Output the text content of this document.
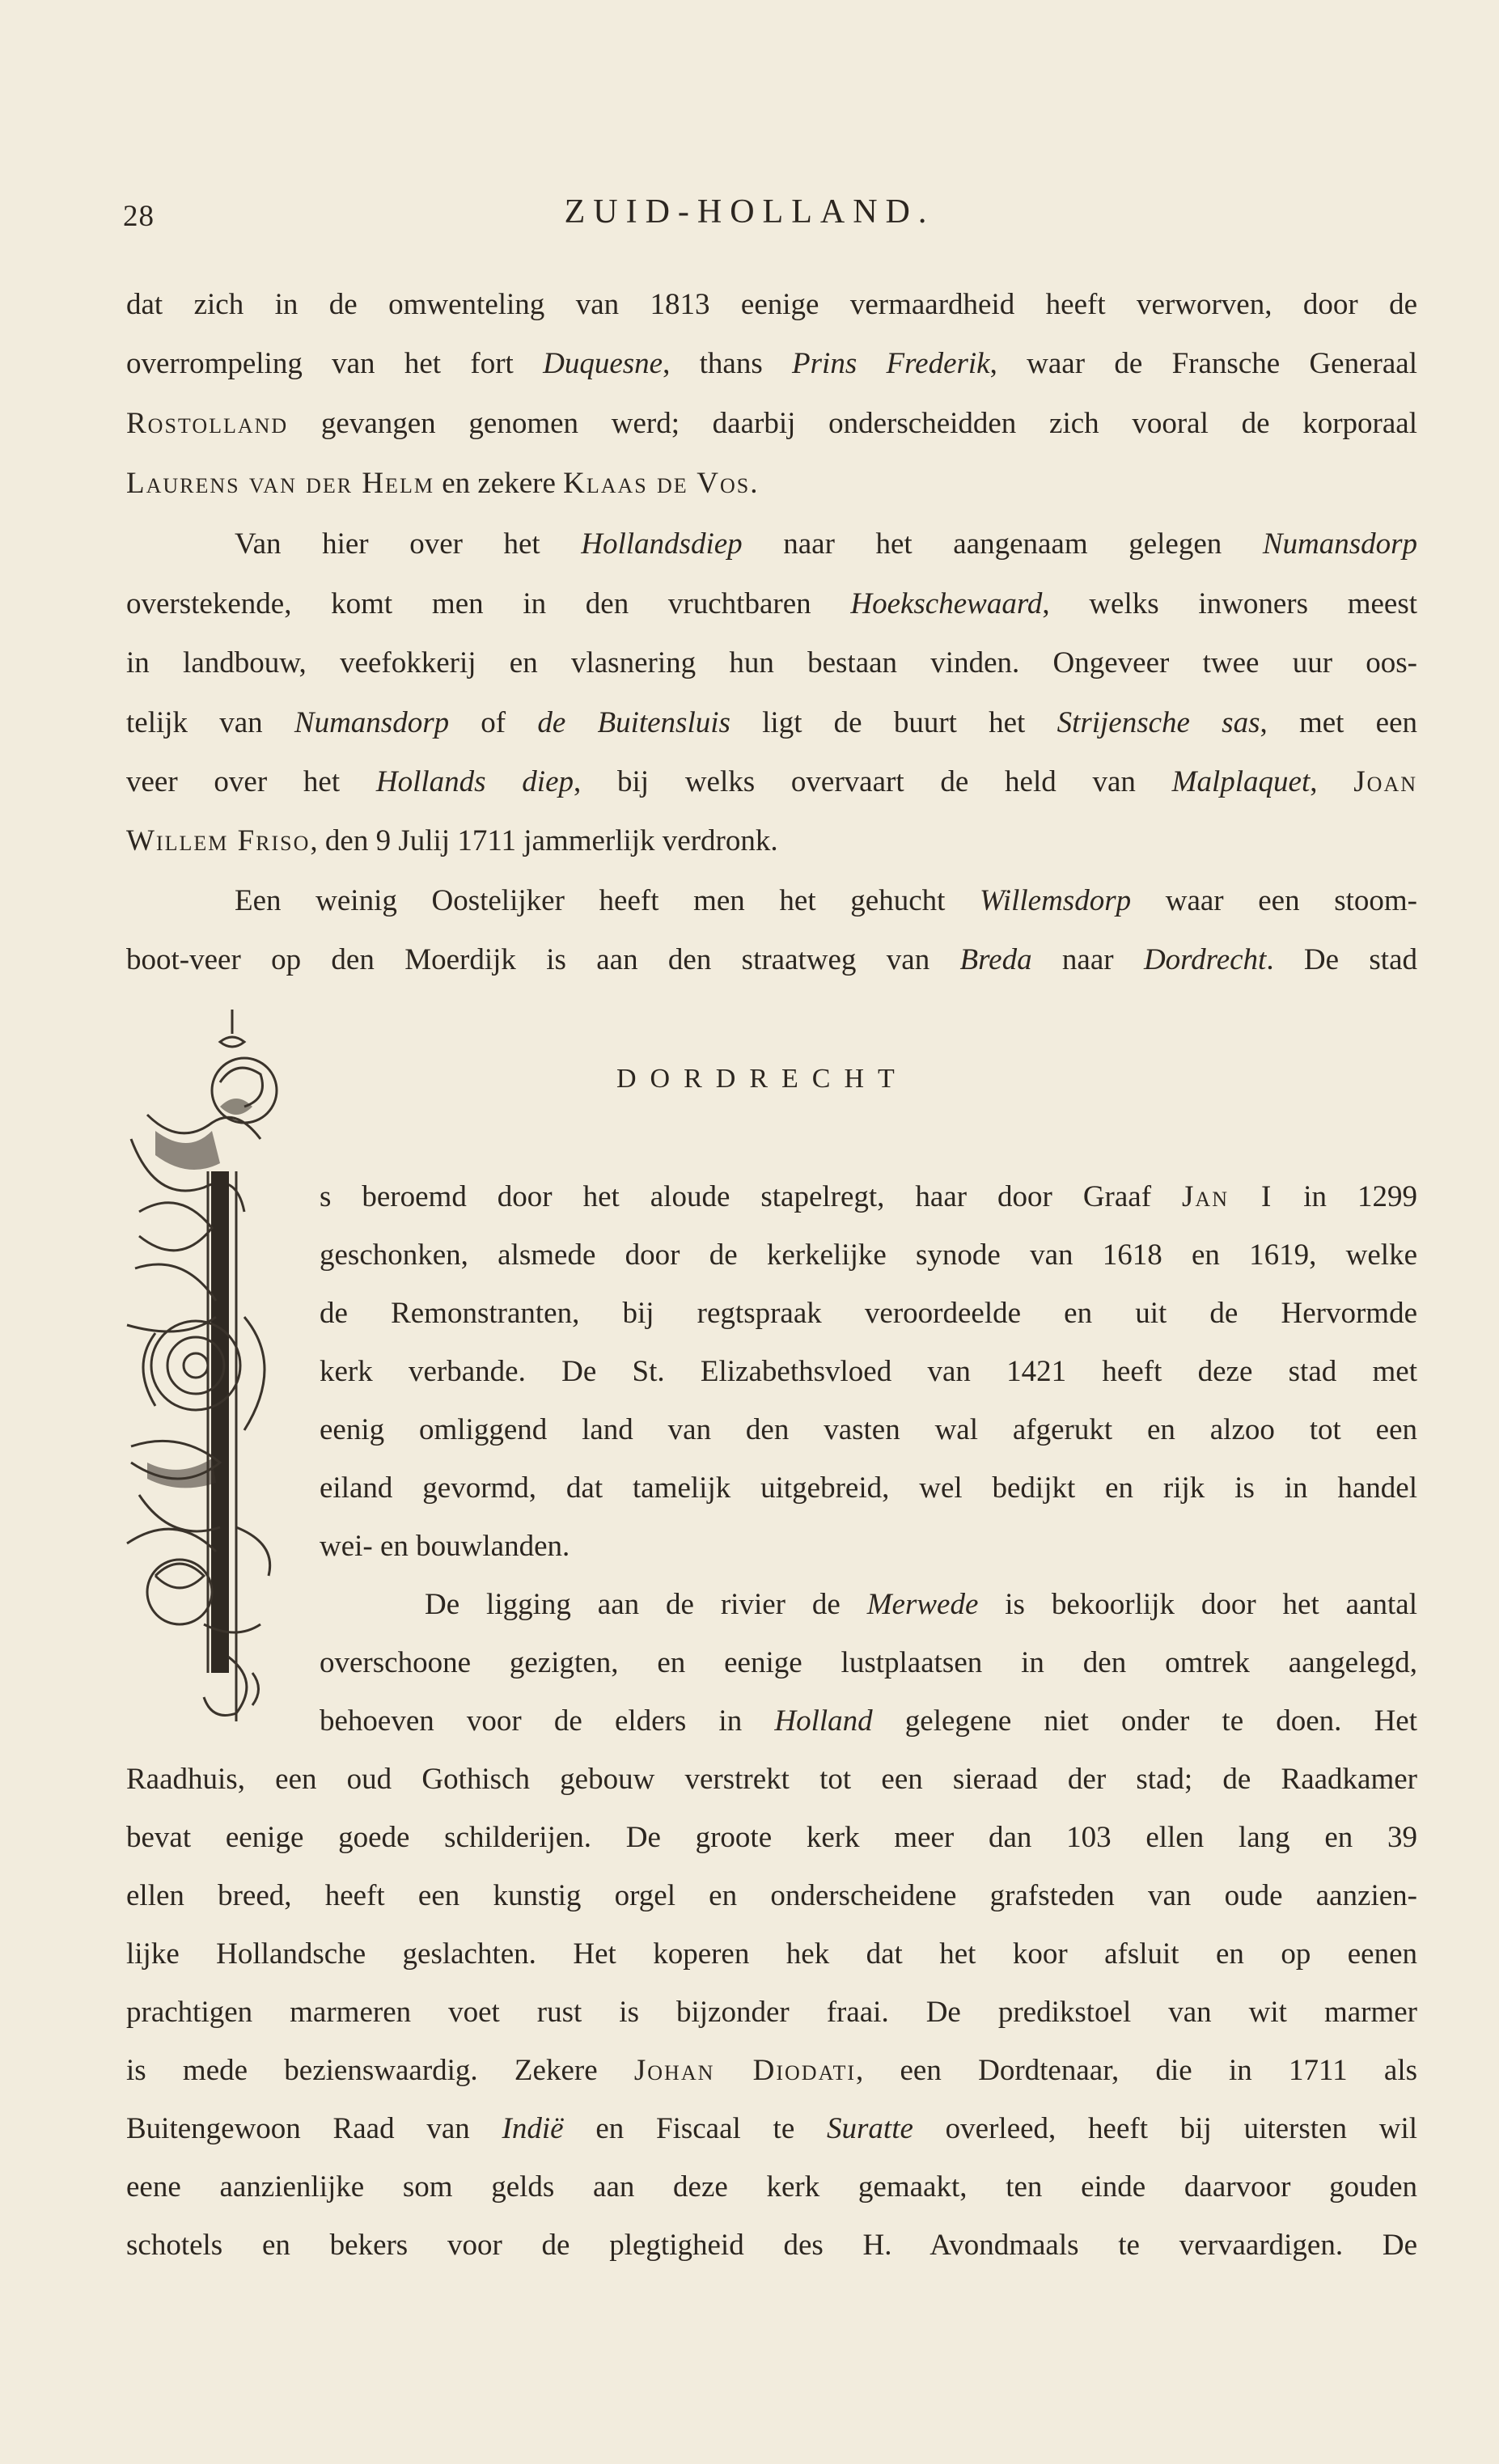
28	ZUID-HOLLAND.
dat zich in de omwenteling van 1813 eenige vermaardheid heeft verworven, door de
overrompeling van het fort Duquesne, thans Prins Frederik, waar de Fransche Generaal
Rostolland gevangen genomen werd; daarbij onderscheidden zich vooral de korporaal
Laurens van der Helm en zekere Klaas de Vos.
Van hier over het Hollandsdiep naar het aangenaam gelegen Numansdorp
overstekende, komt men in den vruchtbaren Hoekschewaard, welks inwoners meest
in landbouw, veefokkerij en vlasnering hun bestaan vinden. Ongeveer twee uur oos-
telijk van Numansdorp of de Buitensluis ligt de buurt het Strijensche sas, met een
veer over het Hollands diep, bij welks overvaart de held van Malplaquet, Joan
Willem Friso, den 9 Julij 1711 jammerlijk verdronk.
Een weinig Oostelijker heeft men het gehucht Willemsdorp waar een stoom-
boot-veer op den Moerdijk is aan den straatweg van Breda naar Dordrecht. De stad
DORDRECHT
s beroemd door het aloude stapelregt, haar door Graaf Jan I in 1299
geschonken, alsmede door de kerkelijke synode van 1618 en 1619, welke
de Remonstranten, bij regtspraak veroordeelde en uit de Hervormde
kerk verbande. De St. Elizabethsvloed van 1421 heeft deze stad met
eenig omliggend land van den vasten wal afgerukt en alzoo tot een
eiland gevormd, dat tamelijk uitgebreid, wel bedijkt en rijk is in handel
wei- en bouwlanden.
De ligging aan de rivier de Merwede is bekoorlijk door het aantal
overschoone gezigten, en eenige lustplaatsen in den omtrek aangelegd,
behoeven voor de elders in Holland gelegene niet onder te doen. Het
Raadhuis, een oud Gothisch gebouw verstrekt tot een sieraad der stad; de Raadkamer
bevat eenige goede schilderijen. De groote kerk meer dan 103 ellen lang en 39
ellen breed, heeft een kunstig orgel en onderscheidene grafsteden van oude aanzien-
lijke Hollandsche geslachten. Het koperen hek dat het koor afsluit en op eenen
prachtigen marmeren voet rust is bijzonder fraai. De predikstoel van wit marmer
is mede bezienswaardig. Zekere Johan Diodati, een Dordtenaar, die in 1711 als
Buitengewoon Raad van Indië en Fiscaal te Suratte overleed, heeft bij uitersten wil
eene aanzienlijke som gelds aan deze kerk gemaakt, ten einde daarvoor gouden
schotels en bekers voor de plegtigheid des H. Avondmaals te vervaardigen. De
